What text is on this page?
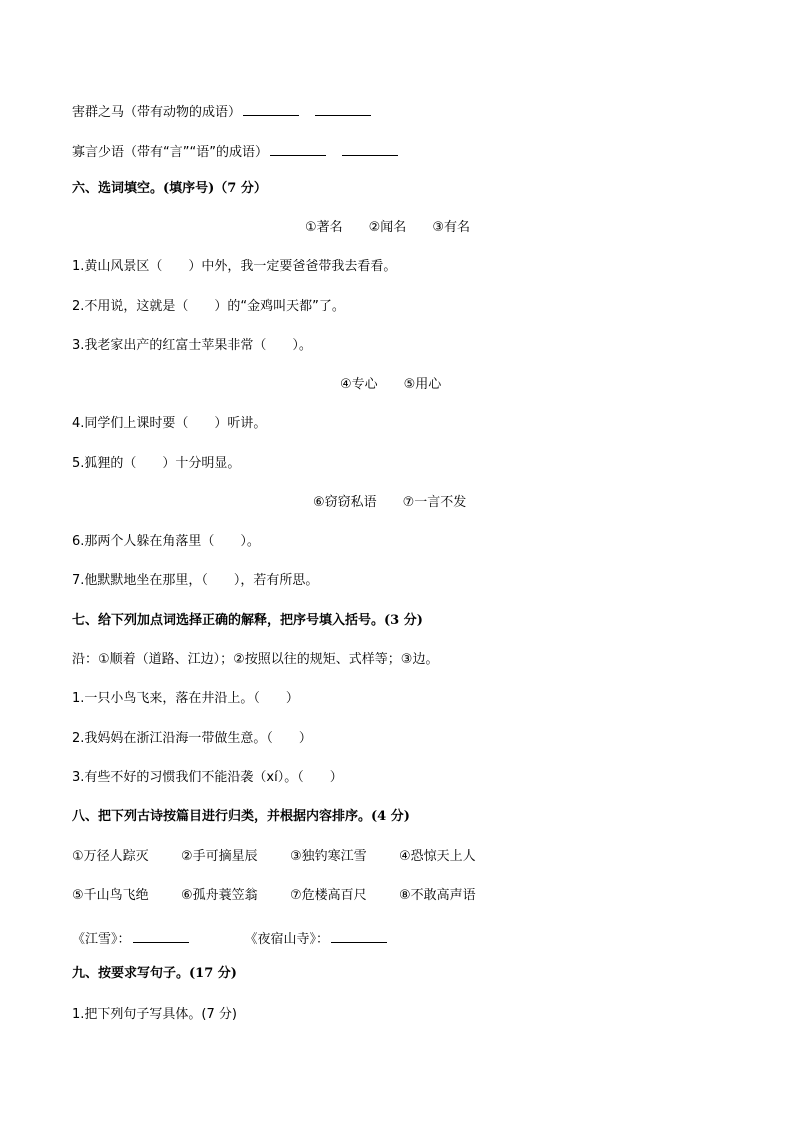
害群之马（带有动物的成语）
寡言少语（带有“言”“语”的成语）
六、选词填空。(填序号)（7 分）
①著名 ②闻名 ③有名
1.黄山风景区（　　）中外，我一定要爸爸带我去看看。
2.不用说，这就是（　　）的“金鸡叫天都”了。
3.我老家出产的红富士苹果非常（　　）。
④专心 ⑤用心
4.同学们上课时要（　　）听讲。
5.狐狸的（　　）十分明显。
⑥窃窃私语 ⑦一言不发
6.那两个人躲在角落里（　　）。
7.他默默地坐在那里，（　　），若有所思。
七、给下列加点词选择正确的解释，把序号填入括号。(3 分)
沿：①顺着（道路、江边）；②按照以往的规矩、式样等；③边。
1.一只小鸟飞来，落在井沿上。（　　）
2.我妈妈在浙江沿海一带做生意。（　　）
3.有些不好的习惯我们不能沿袭（xí）。（　　）
八、把下列古诗按篇目进行归类，并根据内容排序。(4 分)
①万径人踪灭 ②手可摘星辰 ③独钓寒江雪 ④恐惊天上人
⑤千山鸟飞绝 ⑥孤舟蓑笠翁 ⑦危楼高百尺 ⑧不敢高声语
《江雪》：	《夜宿山寺》：
九、按要求写句子。(17 分)
1.把下列句子写具体。(7 分)
